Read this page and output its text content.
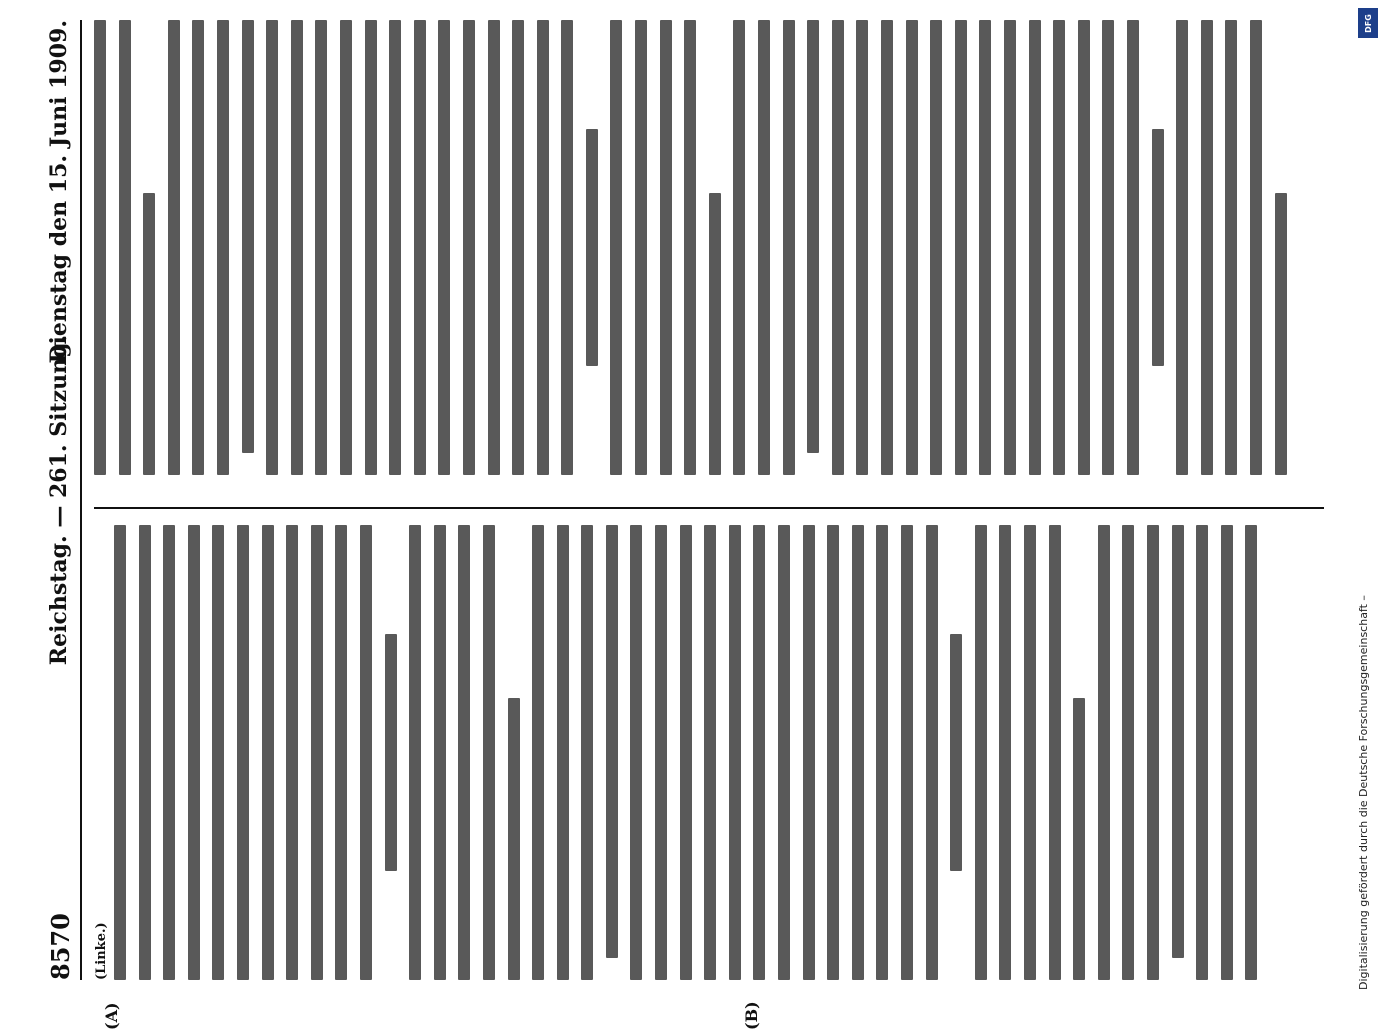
8570
Reichstag. — 261. Sitzung.
Dienstag den 15. Juni 1909.
(A)	(B)
(Linke.)
DFG
Digitalisierung gefördert durch die Deutsche Forschungsgemeinschaft –
